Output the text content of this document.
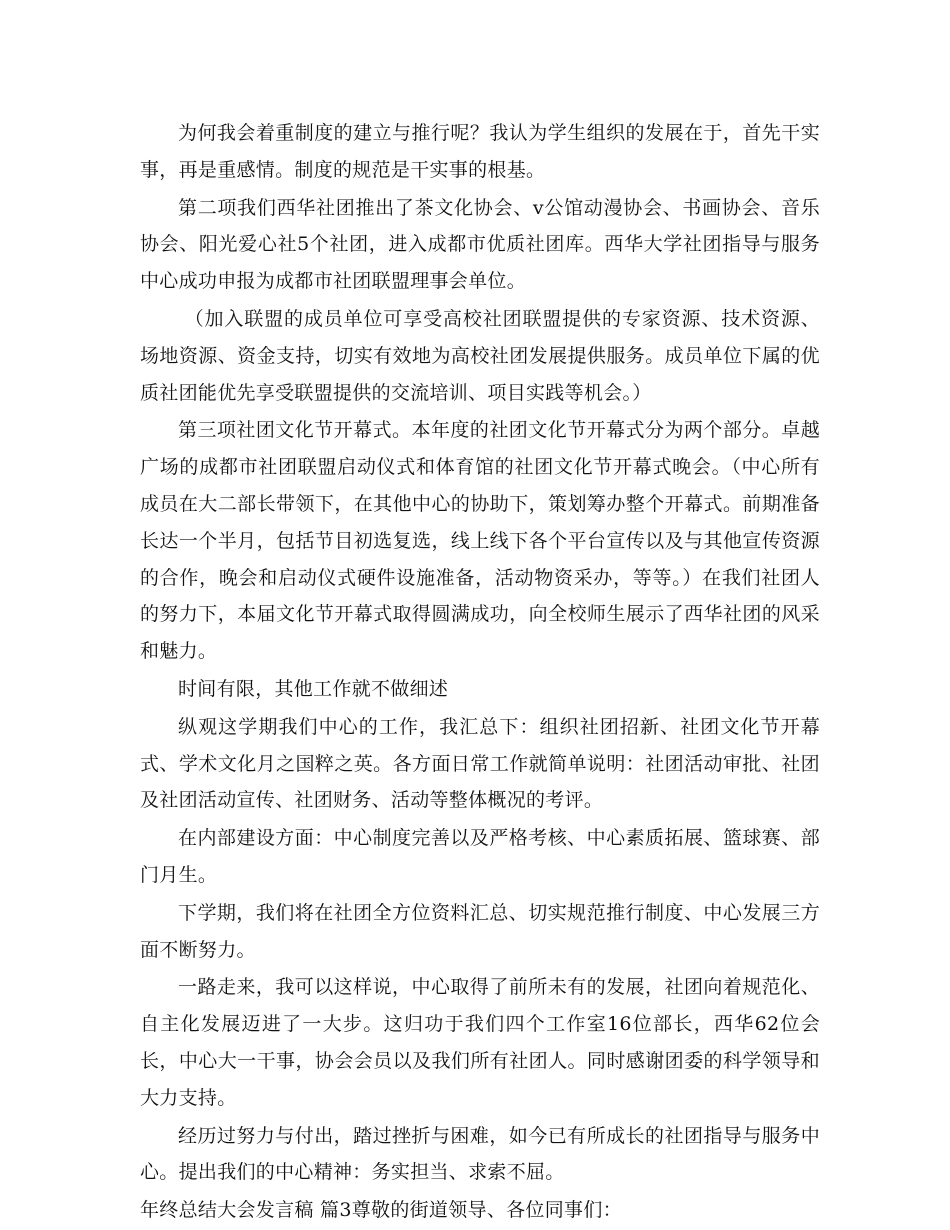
为何我会着重制度的建立与推行呢？我认为学生组织的发展在于，首先干实事，再是重感情。制度的规范是干实事的根基。

第二项我们西华社团推出了茶文化协会、v公馆动漫协会、书画协会、音乐协会、阳光爱心社5个社团，进入成都市优质社团库。西华大学社团指导与服务中心成功申报为成都市社团联盟理事会单位。

（加入联盟的成员单位可享受高校社团联盟提供的专家资源、技术资源、场地资源、资金支持，切实有效地为高校社团发展提供服务。成员单位下属的优质社团能优先享受联盟提供的交流培训、项目实践等机会。）

第三项社团文化节开幕式。本年度的社团文化节开幕式分为两个部分。卓越广场的成都市社团联盟启动仪式和体育馆的社团文化节开幕式晚会。（中心所有成员在大二部长带领下，在其他中心的协助下，策划筹办整个开幕式。前期准备长达一个半月，包括节目初选复选，线上线下各个平台宣传以及与其他宣传资源的合作，晚会和启动仪式硬件设施准备，活动物资采办，等等。）在我们社团人的努力下，本届文化节开幕式取得圆满成功，向全校师生展示了西华社团的风采和魅力。

时间有限，其他工作就不做细述

纵观这学期我们中心的工作，我汇总下：组织社团招新、社团文化节开幕式、学术文化月之国粹之英。各方面日常工作就简单说明：社团活动审批、社团及社团活动宣传、社团财务、活动等整体概况的考评。

在内部建设方面：中心制度完善以及严格考核、中心素质拓展、篮球赛、部门月生。

下学期，我们将在社团全方位资料汇总、切实规范推行制度、中心发展三方面不断努力。

一路走来，我可以这样说，中心取得了前所未有的发展，社团向着规范化、自主化发展迈进了一大步。这归功于我们四个工作室16位部长，西华62位会长，中心大一干事，协会会员以及我们所有社团人。同时感谢团委的科学领导和大力支持。

经历过努力与付出，踏过挫折与困难，如今已有所成长的社团指导与服务中心。提出我们的中心精神：务实担当、求索不屈。

年终总结大会发言稿 篇3尊敬的街道领导、各位同事们：
